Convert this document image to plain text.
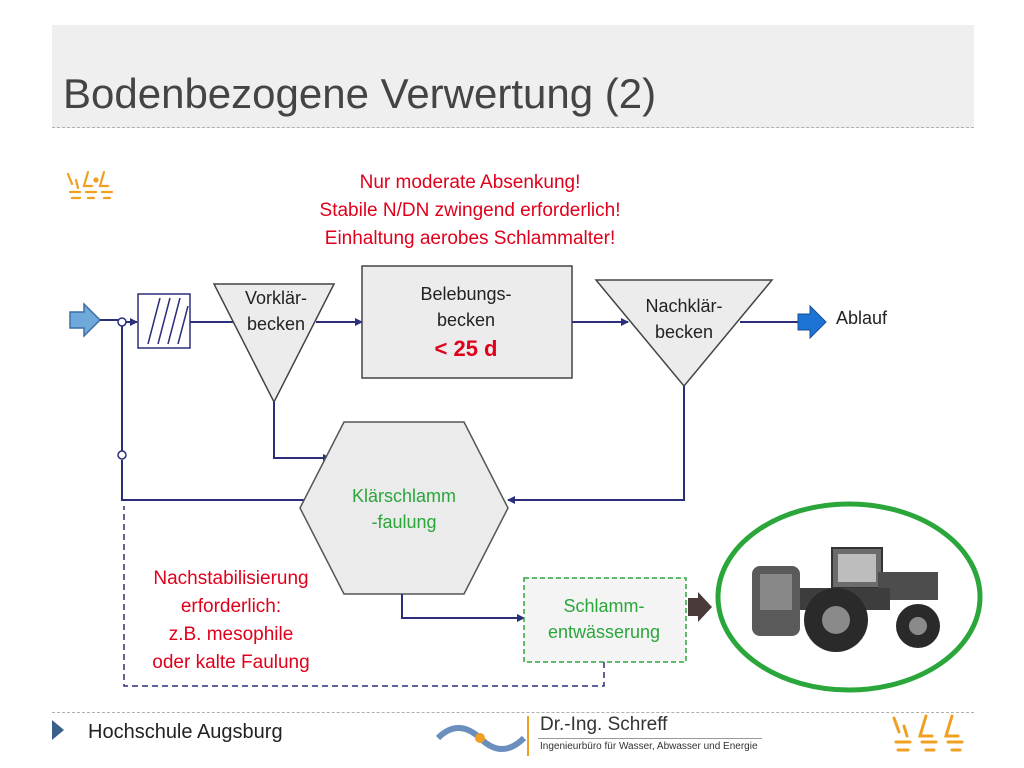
Bodenbezogene Verwertung (2)
Nur moderate Absenkung!
Stabile N/DN zwingend erforderlich!
Einhaltung aerobes Schlammalter!
Vorklär-
becken
Belebungs-
becken
< 25 d
Nachklär-
becken
Ablauf
Klärschlamm
-faulung
Nachstabilisierung
erforderlich:
z.B. mesophile
oder kalte Faulung
Schlamm-
entwässerung
Hochschule Augsburg	Dr.-Ing. Schreff
Ingenieurbüro für Wasser, Abwasser und Energie
